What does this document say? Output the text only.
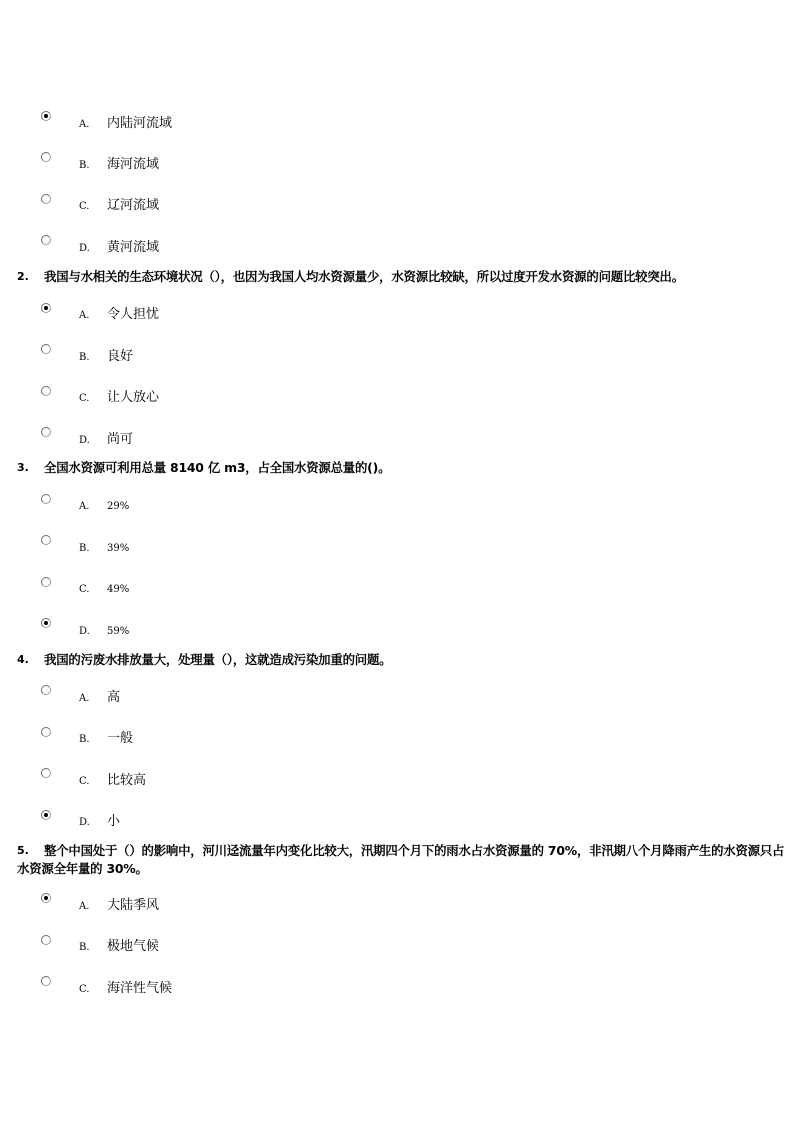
A. 内陆河流域
B. 海河流域
C. 辽河流域
D. 黄河流域
2. 我国与水相关的生态环境状况（），也因为我国人均水资源量少，水资源比较缺，所以过度开发水资源的问题比较突出。
A. 令人担忧
B. 良好
C. 让人放心
D. 尚可
3. 全国水资源可利用总量 8140 亿 m3，占全国水资源总量的()。
A. 29%
B. 39%
C. 49%
D. 59%
4. 我国的污废水排放量大，处理量（），这就造成污染加重的问题。
A. 高
B. 一般
C. 比较高
D. 小
5.	整个中国处于（）的影响中，河川迳流量年内变化比较大，汛期四个月下的雨水占水资源量的 70%，非汛期八个月降雨产生的水资源只占水资源全年量的 30%。
A. 大陆季风
B. 极地气候
C. 海洋性气候
